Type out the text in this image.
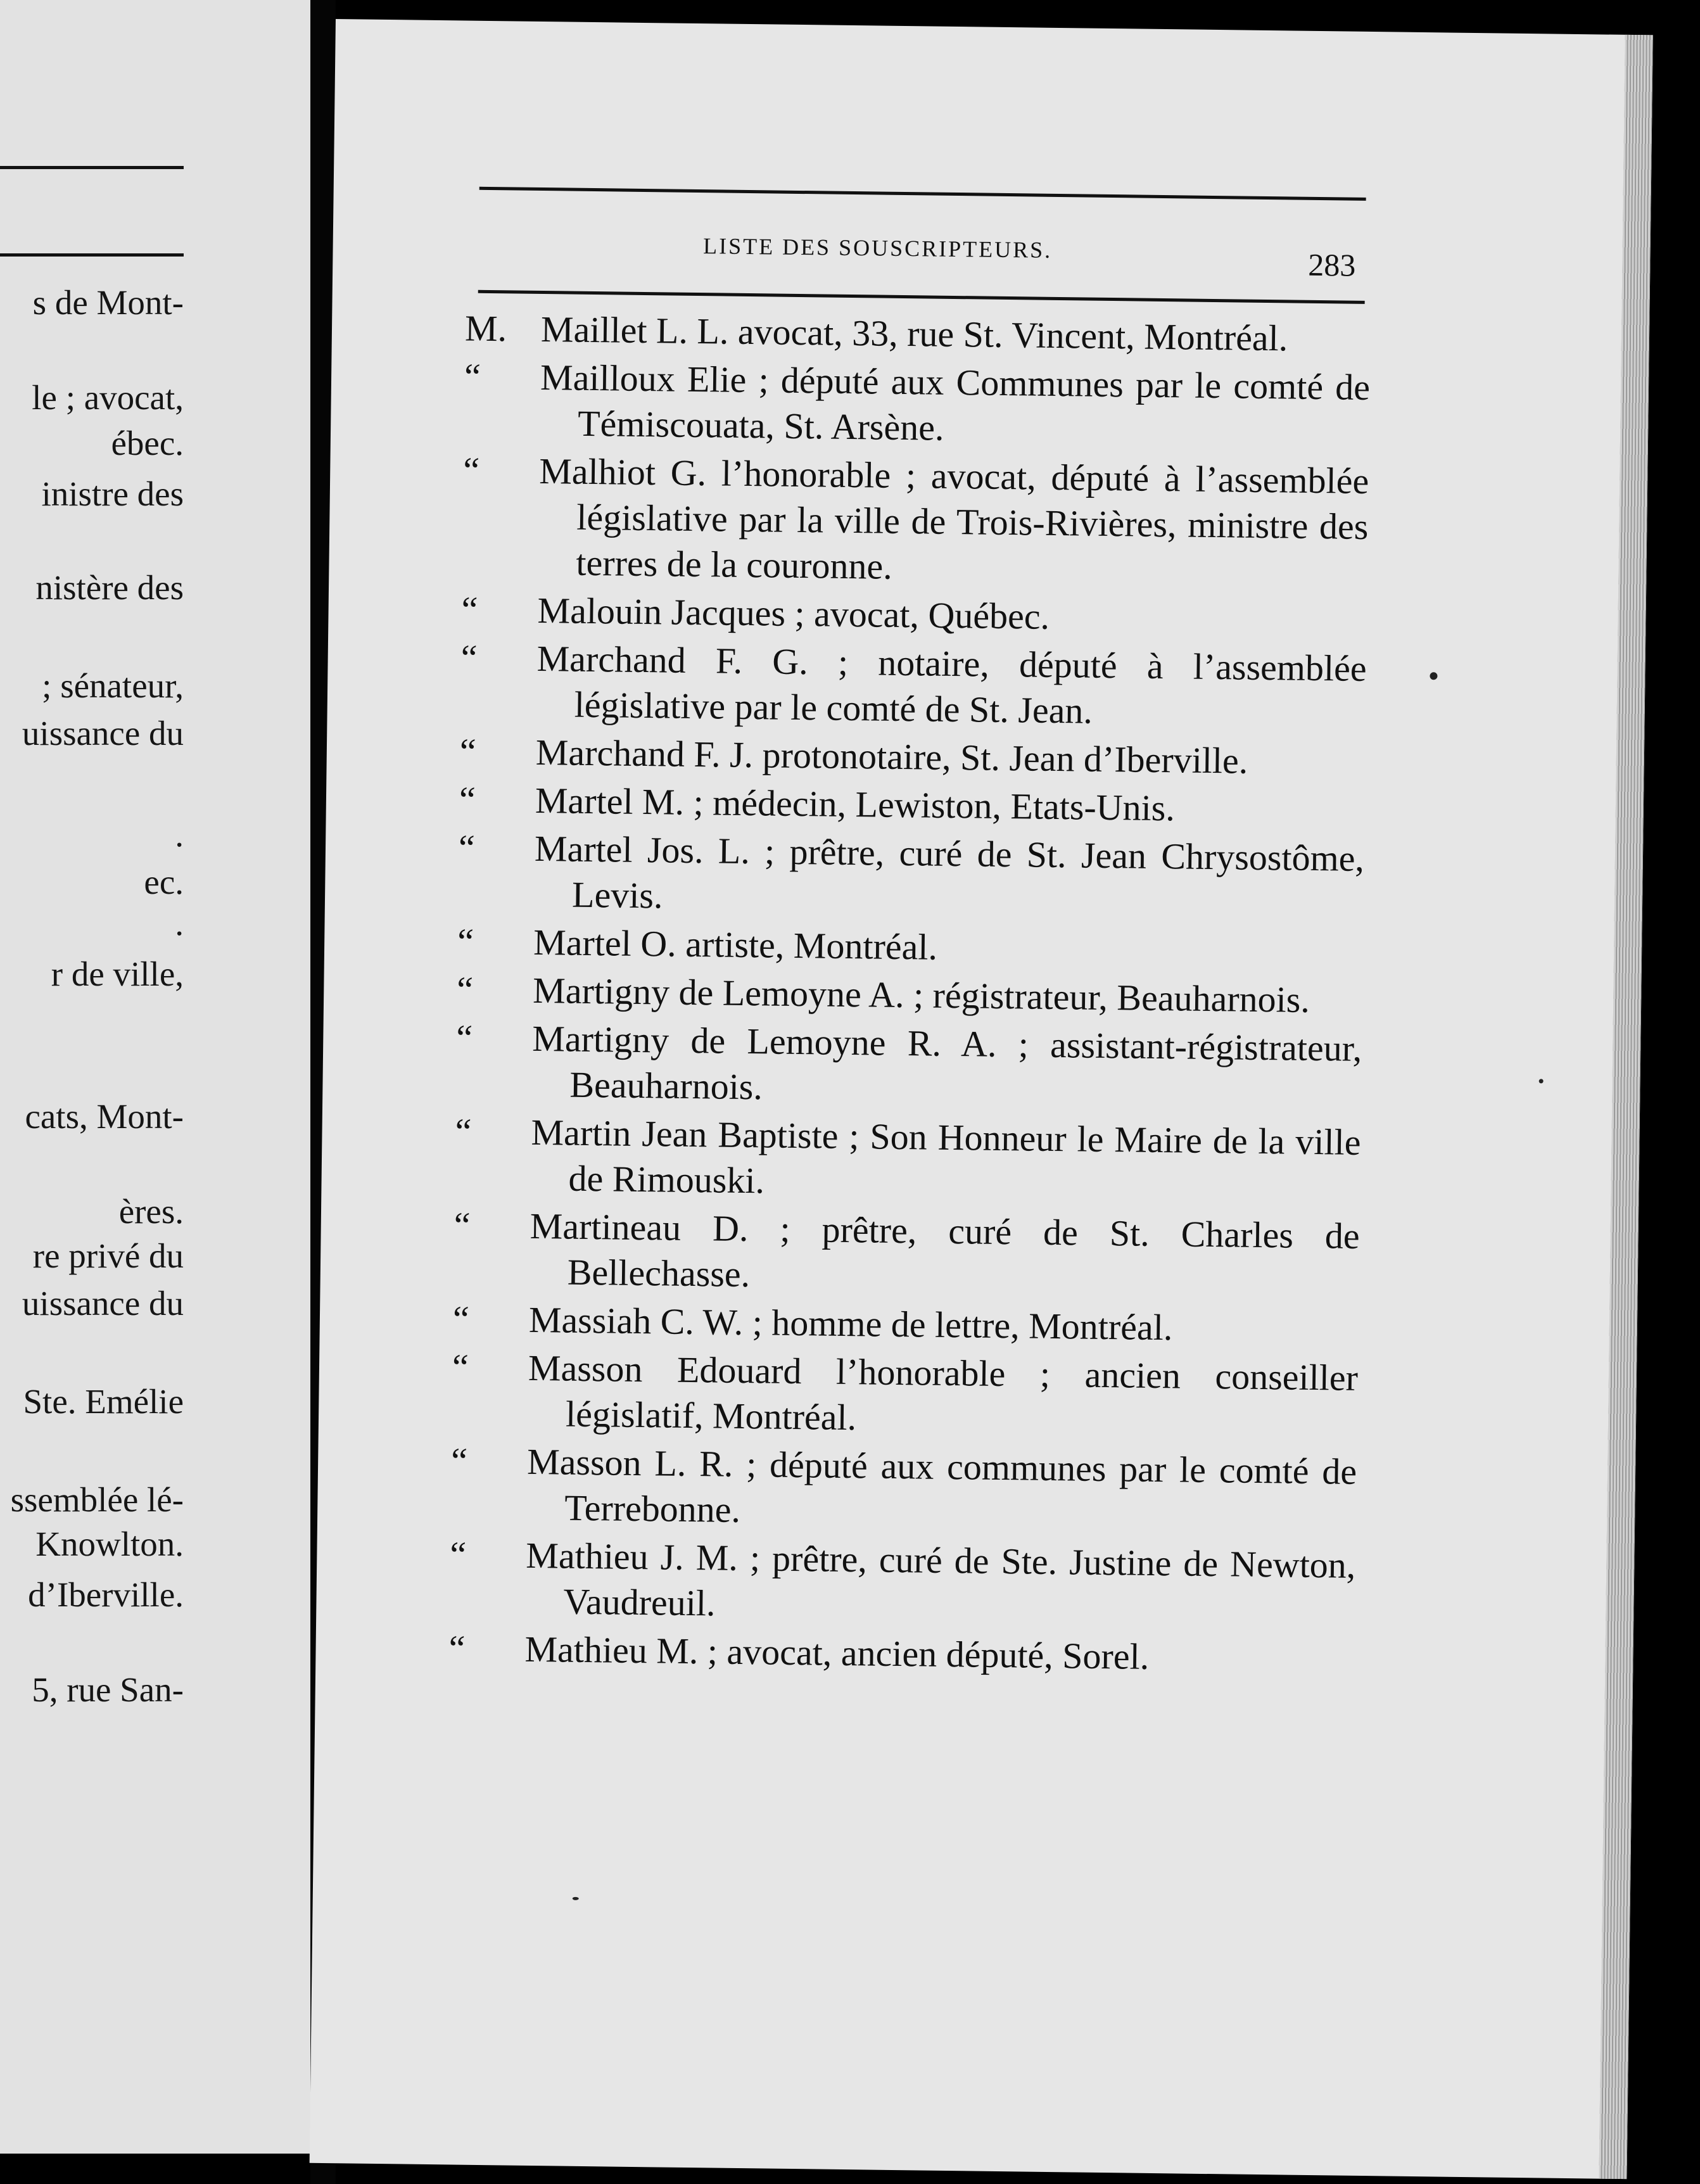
s de Mont-
le ; avocat,
ébec.
inistre des
nistère des
; sénateur,
uissance du
.
ec.
.
r de ville,
cats, Mont-
ères.
re privé du
uissance du
Ste. Emélie
ssemblée lé-
Knowlton.
d’Iberville.
5, rue San-
LISTE DES SOUSCRIPTEURS.	283
M. Maillet L. L. avocat, 33, rue St. Vincent, Montréal.
“ Mailloux Elie ; député aux Communes par le comté de Témiscouata, St. Arsène.
“ Malhiot G. l’honorable ; avocat, député à l’assemblée législative par la ville de Trois-Rivières, ministre des terres de la couronne.
“ Malouin Jacques ; avocat, Québec.
“ Marchand F. G. ; notaire, député à l’assemblée législative par le comté de St. Jean.
“ Marchand F. J. protonotaire, St. Jean d’Iberville.
“ Martel M. ; médecin, Lewiston, Etats-Unis.
“ Martel Jos. L. ; prêtre, curé de St. Jean Chrysostôme, Levis.
“ Martel O. artiste, Montréal.
“ Martigny de Lemoyne A. ; régistrateur, Beauharnois.
“ Martigny de Lemoyne R. A. ; assistant-régistrateur, Beauharnois.
“ Martin Jean Baptiste ; Son Honneur le Maire de la ville de Rimouski.
“ Martineau D. ; prêtre, curé de St. Charles de Bellechasse.
“ Massiah C. W. ; homme de lettre, Montréal.
“ Masson Edouard l’honorable ; ancien conseiller législatif, Montréal.
“ Masson L. R. ; député aux communes par le comté de Terrebonne.
“ Mathieu J. M. ; prêtre, curé de Ste. Justine de Newton, Vaudreuil.
“ Mathieu M. ; avocat, ancien député, Sorel.
